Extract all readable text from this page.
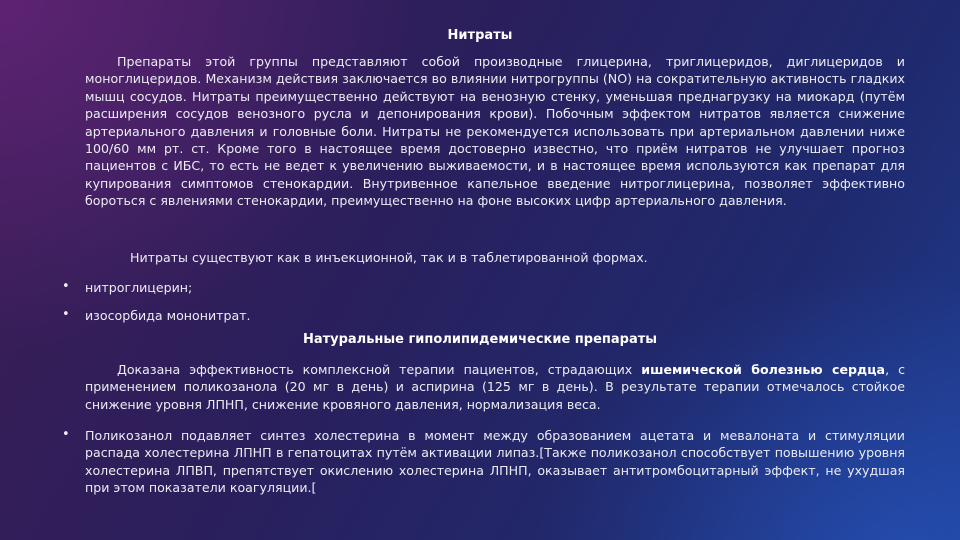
Нитраты
Препараты этой группы представляют собой производные глицерина, триглицеридов, диглицеридов и моноглицеридов. Механизм действия заключается во влиянии нитрогруппы (NO) на сократительную активность гладких мышц сосудов. Нитраты преимущественно действуют на венозную стенку, уменьшая преднагрузку на миокард (путём расширения сосудов венозного русла и депонирования крови). Побочным эффектом нитратов является снижение артериального давления и головные боли. Нитраты не рекомендуется использовать при артериальном давлении ниже 100/60 мм рт. ст. Кроме того в настоящее время достоверно известно, что приём нитратов не улучшает прогноз пациентов с ИБС, то есть не ведет к увеличению выживаемости, и в настоящее время используются как препарат для купирования симптомов стенокардии. Внутривенное капельное введение нитроглицерина, позволяет эффективно бороться с явлениями стенокардии, преимущественно на фоне высоких цифр артериального давления.
Нитраты существуют как в инъекционной, так и в таблетированной формах.
• нитроглицерин;
• изосорбида мононитрат.
Натуральные гиполипидемические препараты
Доказана эффективность комплексной терапии пациентов, страдающих ишемической болезнью сердца, с применением поликозанола (20 мг в день) и аспирина (125 мг в день). В результате терапии отмечалось стойкое снижение уровня ЛПНП, снижение кровяного давления, нормализация веса.
• Поликозанол подавляет синтез холестерина в момент между образованием ацетата и мевалоната и стимуляции распада холестерина ЛПНП в гепатоцитах путём активации липаз.[Также поликозанол способствует повышению уровня холестерина ЛПВП, препятствует окислению холестерина ЛПНП, оказывает антитромбоцитарный эффект, не ухудшая при этом показатели коагуляции.[
